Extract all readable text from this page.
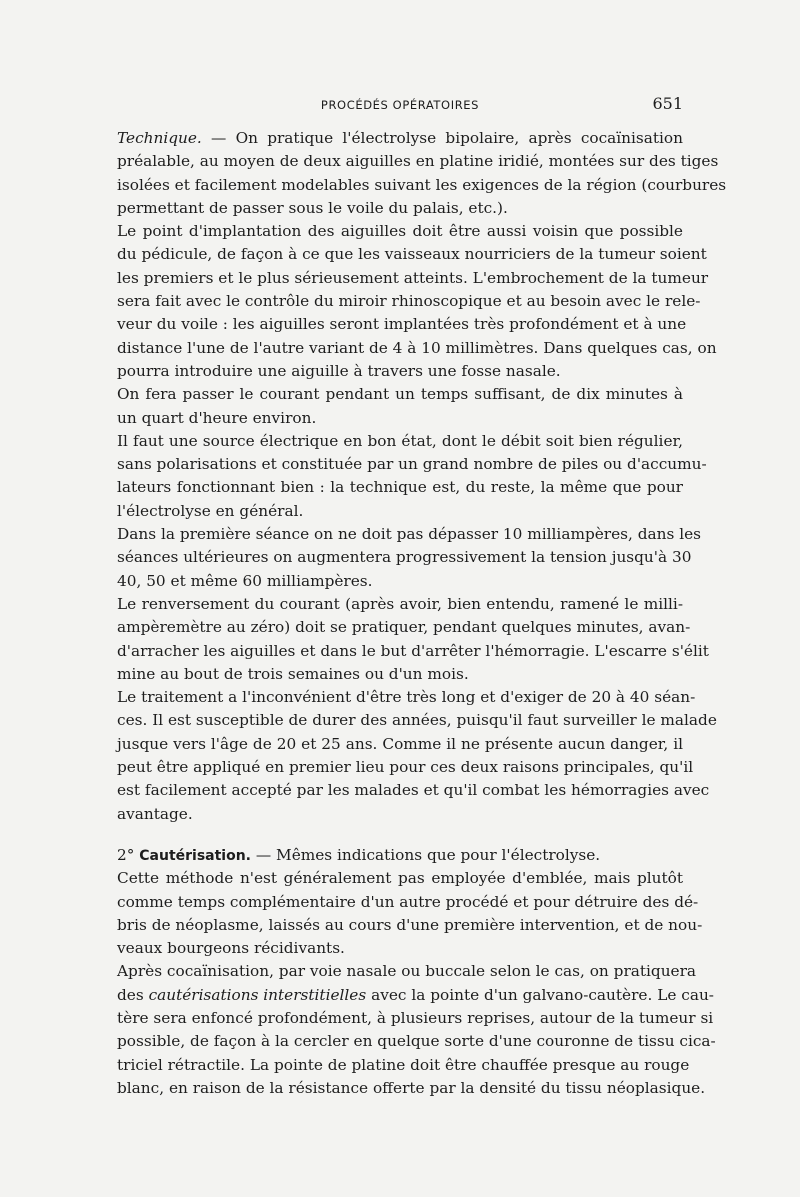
PROCÉDÉS OPÉRATOIRES	651
Technique. — On pratique l'électrolyse bipolaire, après cocaïnisation
préalable, au moyen de deux aiguilles en platine iridié, montées sur des tiges
isolées et facilement modelables suivant les exigences de la région (courbures
permettant de passer sous le voile du palais, etc.).
Le point d'implantation des aiguilles doit être aussi voisin que possible
du pédicule, de façon à ce que les vaisseaux nourriciers de la tumeur soient
les premiers et le plus sérieusement atteints. L'embrochement de la tumeur
sera fait avec le contrôle du miroir rhinoscopique et au besoin avec le rele-
veur du voile : les aiguilles seront implantées très profondément et à une
distance l'une de l'autre variant de 4 à 10 millimètres. Dans quelques cas, on
pourra introduire une aiguille à travers une fosse nasale.
On fera passer le courant pendant un temps suffisant, de dix minutes à
un quart d'heure environ.
Il faut une source électrique en bon état, dont le débit soit bien régulier,
sans polarisations et constituée par un grand nombre de piles ou d'accumu-
lateurs fonctionnant bien : la technique est, du reste, la même que pour
l'électrolyse en général.
Dans la première séance on ne doit pas dépasser 10 milliampères, dans les
séances ultérieures on augmentera progressivement la tension jusqu'à 30
40, 50 et même 60 milliampères.
Le renversement du courant (après avoir, bien entendu, ramené le milli-
ampèremètre au zéro) doit se pratiquer, pendant quelques minutes, avan-
d'arracher les aiguilles et dans le but d'arrêter l'hémorragie. L'escarre s'élit
mine au bout de trois semaines ou d'un mois.
Le traitement a l'inconvénient d'être très long et d'exiger de 20 à 40 séan-
ces. Il est susceptible de durer des années, puisqu'il faut surveiller le malade
jusque vers l'âge de 20 et 25 ans. Comme il ne présente aucun danger, il
peut être appliqué en premier lieu pour ces deux raisons principales, qu'il
est facilement accepté par les malades et qu'il combat les hémorragies avec
avantage.
2° Cautérisation. — Mêmes indications que pour l'électrolyse.
Cette méthode n'est généralement pas employée d'emblée, mais plutôt
comme temps complémentaire d'un autre procédé et pour détruire des dé-
bris de néoplasme, laissés au cours d'une première intervention, et de nou-
veaux bourgeons récidivants.
Après cocaïnisation, par voie nasale ou buccale selon le cas, on pratiquera
des cautérisations interstitielles avec la pointe d'un galvano-cautère. Le cau-
tère sera enfoncé profondément, à plusieurs reprises, autour de la tumeur si
possible, de façon à la cercler en quelque sorte d'une couronne de tissu cica-
triciel rétractile. La pointe de platine doit être chauffée presque au rouge
blanc, en raison de la résistance offerte par la densité du tissu néoplasique.
